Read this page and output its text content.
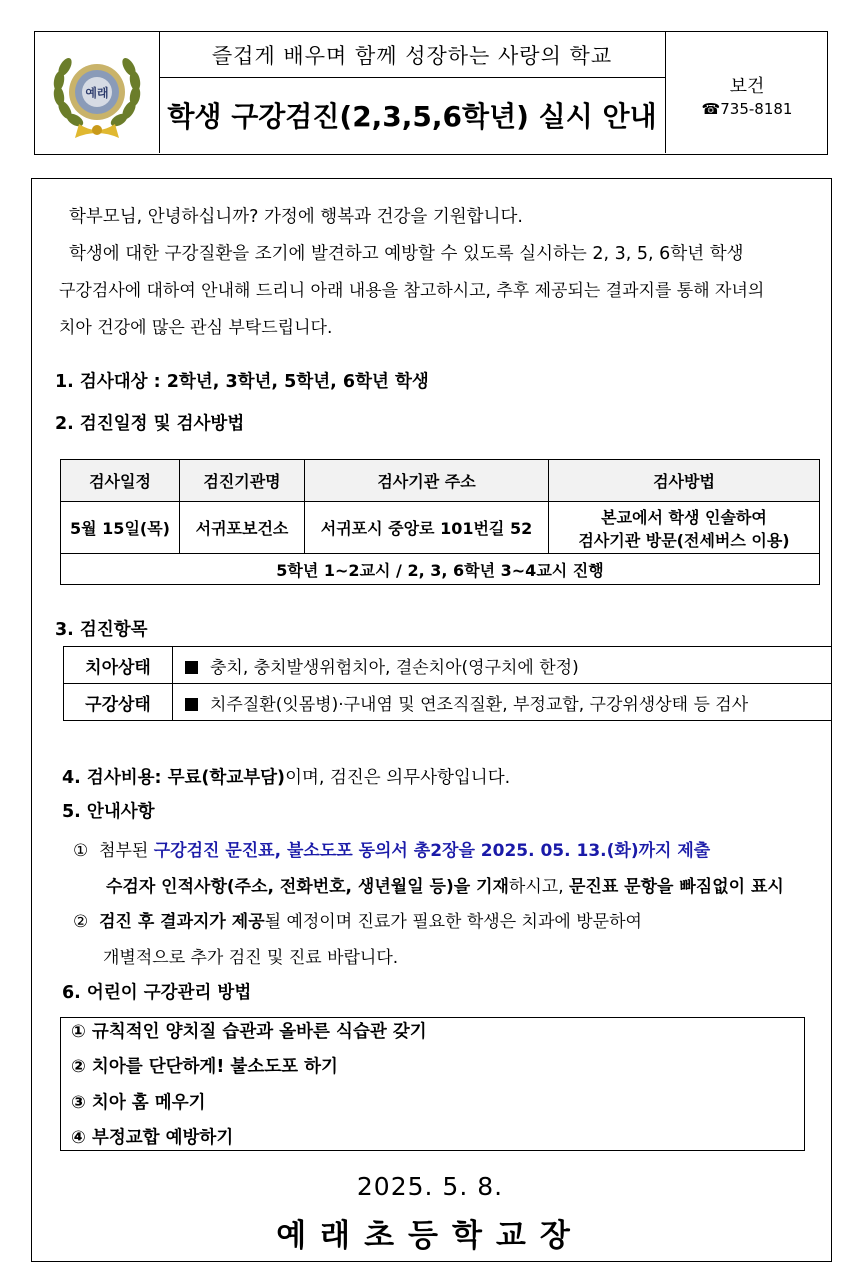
예래
즐겁게 배우며 함께 성장하는 사랑의 학교
학생 구강검진(2,3,5,6학년) 실시 안내
보건
☎735-8181
학부모님, 안녕하십니까? 가정에 행복과 건강을 기원합니다.
학생에 대한 구강질환을 조기에 발견하고 예방할 수 있도록 실시하는 2, 3, 5, 6학년 학생
구강검사에 대하여 안내해 드리니 아래 내용을 참고하시고, 추후 제공되는 결과지를 통해 자녀의
치아 건강에 많은 관심 부탁드립니다.
1. 검사대상 : 2학년, 3학년, 5학년, 6학년 학생
2. 검진일정 및 검사방법
검사일정	검진기관명	검사기관 주소	검사방법
5월 15일(목)	서귀포보건소	서귀포시 중앙로 101번길 52	본교에서 학생 인솔하여
검사기관 방문(전세버스 이용)

5학년 1~2교시 / 2, 3, 6학년 3~4교시 진행			
3. 검진항목
치아상태	충치, 충치발생위험치아, 결손치아(영구치에 한정)
구강상태	치주질환(잇몸병)·구내염 및 연조직질환, 부정교합, 구강위생상태 등 검사
4. 검사비용: 무료(학교부담)이며, 검진은 의무사항입니다.
5. 안내사항
① 첨부된 구강검진 문진표, 불소도포 동의서 총2장을 2025. 05. 13.(화)까지 제출
수검자 인적사항(주소, 전화번호, 생년월일 등)을 기재하시고, 문진표 문항을 빠짐없이 표시
② 검진 후 결과지가 제공될 예정이며 진료가 필요한 학생은 치과에 방문하여
개별적으로 추가 검진 및 진료 바랍니다.
6. 어린이 구강관리 방법
① 규칙적인 양치질 습관과 올바른 식습관 갖기
② 치아를 단단하게! 불소도포 하기
③ 치아 홈 메우기
④ 부정교합 예방하기
2025. 5. 8.
예래초등학교장
